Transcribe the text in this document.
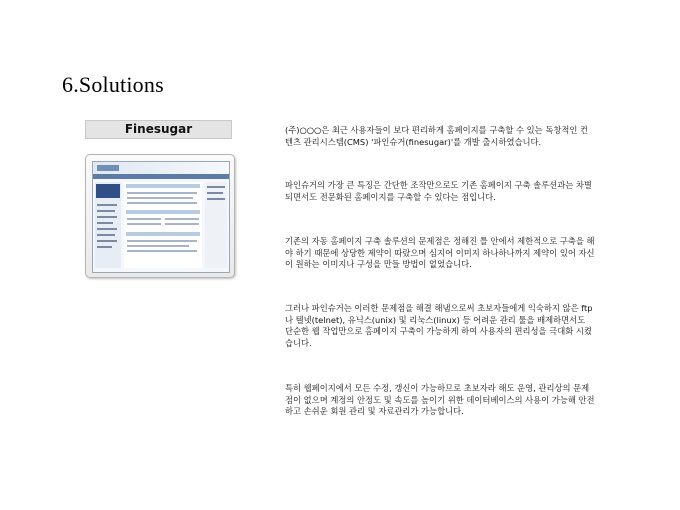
6.Solutions
Finesugar	(주)○○○은 최근 사용자들이 보다 편리하게 홈페이지를 구축할 수 있는 독창적인 컨텐츠 관리시스템(CMS) '파인슈거(finesugar)'를 개발 출시하였습니다.

파인슈거의 가장 큰 특징은 간단한 조작만으로도 기존 홈페이지 구축 솔루션과는 차별되면서도 전문화된 홈페이지를 구축할 수 있다는 점입니다.

기존의 자동 홈페이지 구축 솔루션의 문제점은 정해진 틀 안에서 제한적으로 구축을 해야 하기 때문에 상당한 제약이 따랐으며 심지어 이미지 하나하나까지 제약이 있어 자신이 원하는 이미지나 구성을 만들 방법이 없었습니다.

그러나 파인슈거는 이러한 문제점을 해결 해냄으로써 초보자들에게 익숙하지 않은 ftp나 텔넷(telnet), 유닉스(unix) 및 리눅스(linux) 등 어려운 관리 툴을 배제하면서도 단순한 웹 작업만으로 홈페이지 구축이 가능하게 하여 사용자의 편리성을 극대화 시켰습니다.

특히 웹페이지에서 모든 수정, 갱신이 가능하므로 초보자라 해도 운영, 관리상의 문제점이 없으며 계정의 안정도 및 속도를 높이기 위한 데이터베이스의 사용이 가능해 안전하고 손쉬운 회원 관리 및 자료관리가 가능합니다.
